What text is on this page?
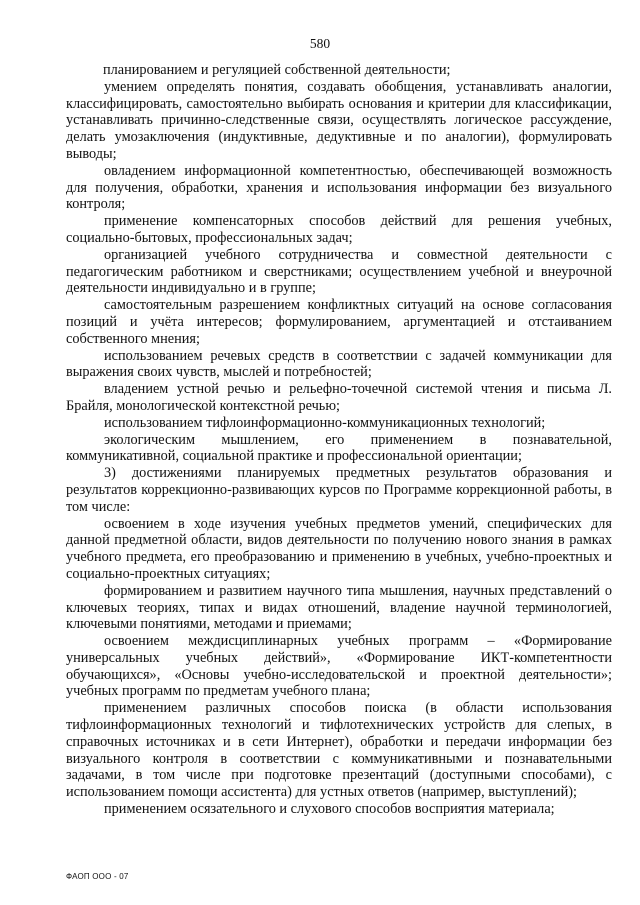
580

планированием и регуляцией собственной деятельности;

умением определять понятия, создавать обобщения, устанавливать аналогии, классифицировать, самостоятельно выбирать основания и критерии для классификации, устанавливать причинно-следственные связи, осуществлять логическое рассуждение, делать умозаключения (индуктивные, дедуктивные и по аналогии), формулировать выводы;

овладением информационной компетентностью, обеспечивающей возможность для получения, обработки, хранения и использования информации без визуального контроля;

применение компенсаторных способов действий для решения учебных, социально-бытовых, профессиональных задач;

организацией учебного сотрудничества и совместной деятельности с педагогическим работником и сверстниками; осуществлением учебной и внеурочной деятельности индивидуально и в группе;

самостоятельным разрешением конфликтных ситуаций на основе согласования позиций и учёта интересов; формулированием, аргументацией и отстаиванием собственного мнения;

использованием речевых средств в соответствии с задачей коммуникации для выражения своих чувств, мыслей и потребностей;

владением устной речью и рельефно-точечной системой чтения и письма Л. Брайля, монологической контекстной речью;

использованием тифлоинформационно-коммуникационных технологий;

экологическим мышлением, его применением в познавательной, коммуникативной, социальной практике и профессиональной ориентации;

3) достижениями планируемых предметных результатов образования и результатов коррекционно-развивающих курсов по Программе коррекционной работы, в том числе:

освоением в ходе изучения учебных предметов умений, специфических для данной предметной области, видов деятельности по получению нового знания в рамках учебного предмета, его преобразованию и применению в учебных, учебно-проектных и социально-проектных ситуациях;

формированием и развитием научного типа мышления, научных представлений о ключевых теориях, типах и видах отношений, владение научной терминологией, ключевыми понятиями, методами и приемами;

освоением междисциплинарных учебных программ – «Формирование универсальных учебных действий», «Формирование ИКТ-компетентности обучающихся», «Основы учебно-исследовательской и проектной деятельности»; учебных программ по предметам учебного плана;

применением различных способов поиска (в области использования тифлоинформационных технологий и тифлотехнических устройств для слепых, в справочных источниках и в сети Интернет), обработки и передачи информации без визуального контроля в соответствии с коммуникативными и познавательными задачами, в том числе при подготовке презентаций (доступными способами), с использованием помощи ассистента) для устных ответов (например, выступлений);

применением осязательного и слухового способов восприятия материала;

ФАОП ООО - 07
